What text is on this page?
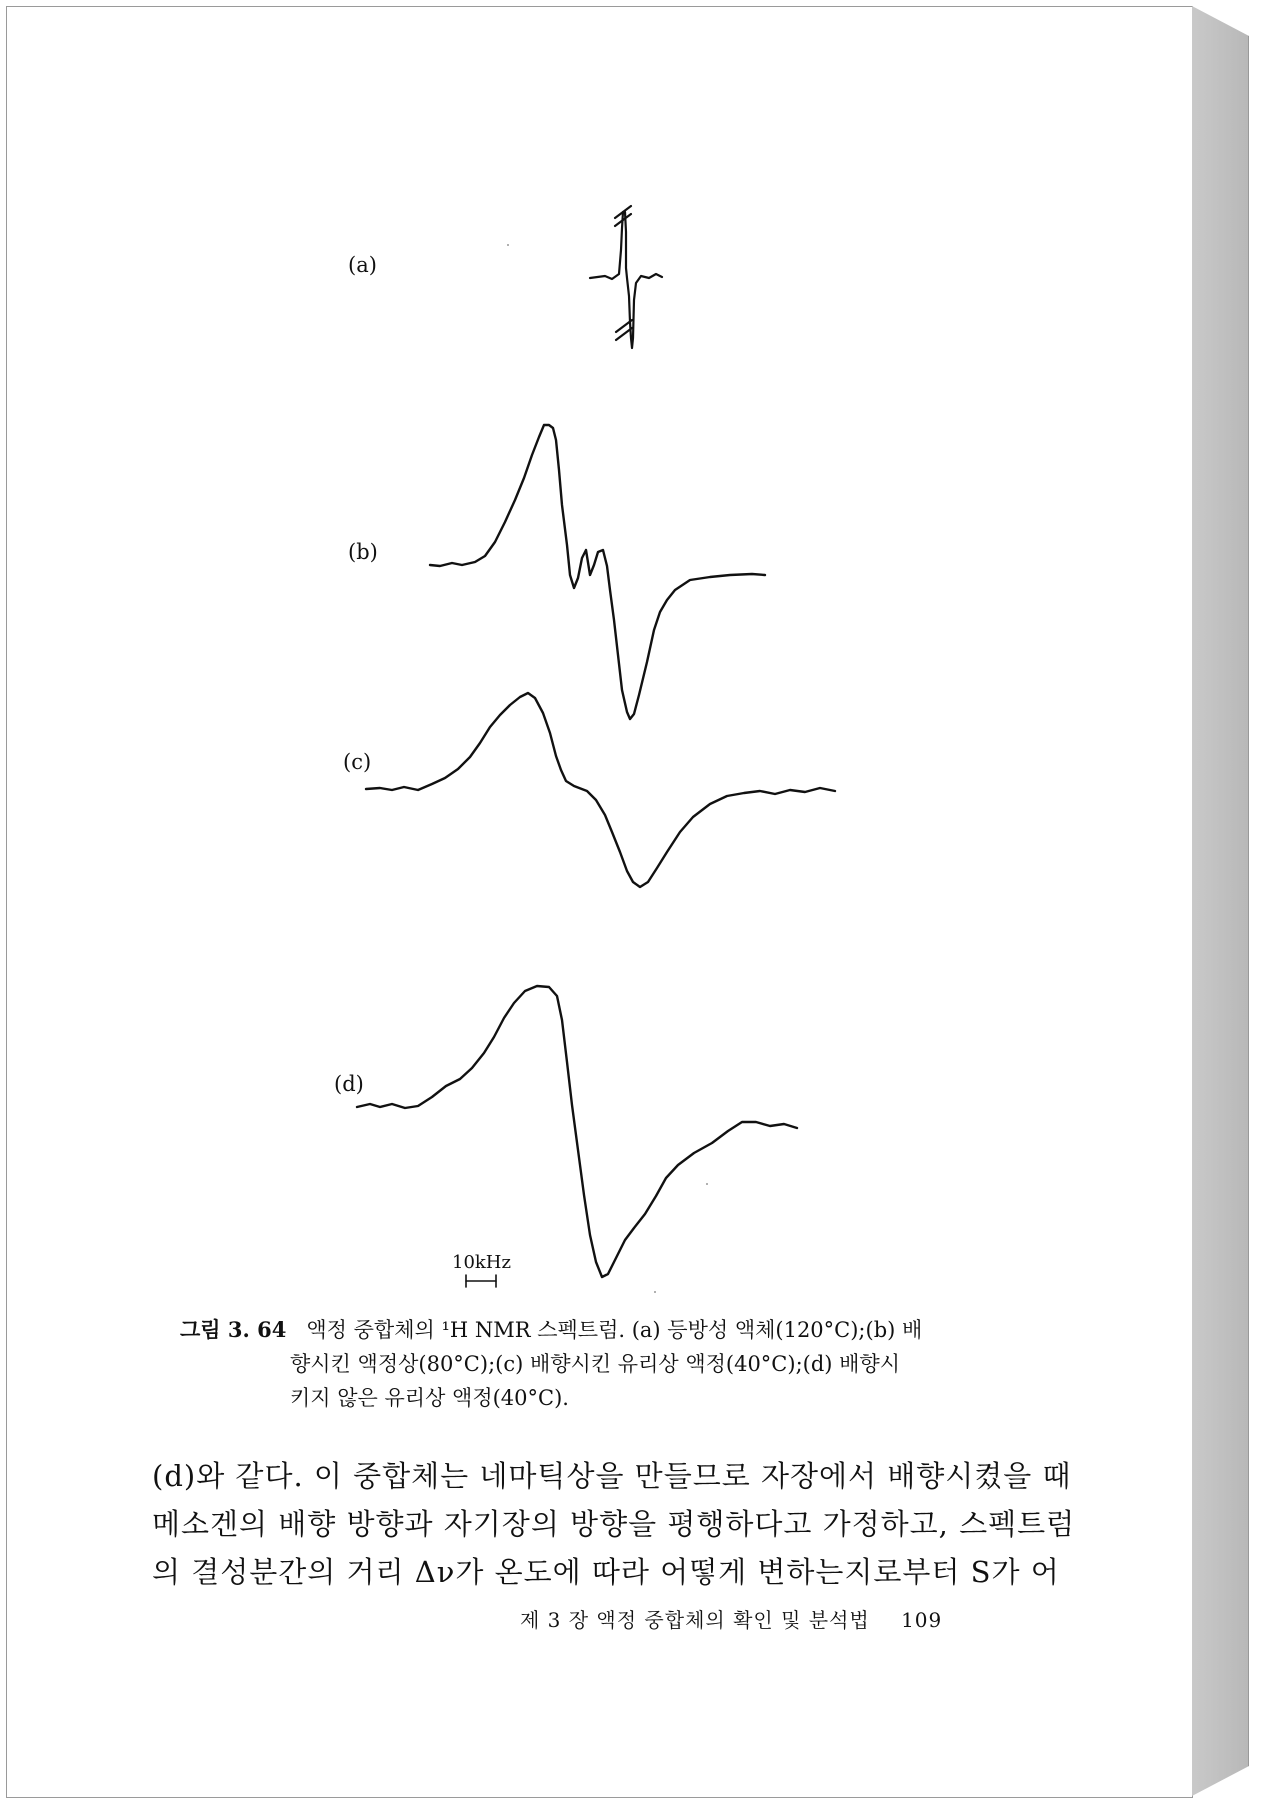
(a)
(b)
(c)
(d)
10kHz
그림 3. 64 액정 중합체의 ¹H NMR 스펙트럼. (a) 등방성 액체(120°C);(b) 배
향시킨 액정상(80°C);(c) 배향시킨 유리상 액정(40°C);(d) 배향시
키지 않은 유리상 액정(40°C).
(d)와 같다. 이 중합체는 네마틱상을 만들므로 자장에서 배향시켰을 때
메소겐의 배향 방향과 자기장의 방향을 평행하다고 가정하고, 스펙트럼
의 결성분간의 거리 Δν가 온도에 따라 어떻게 변하는지로부터 S가 어
제 3 장 액정 중합체의 확인 및 분석법 109
